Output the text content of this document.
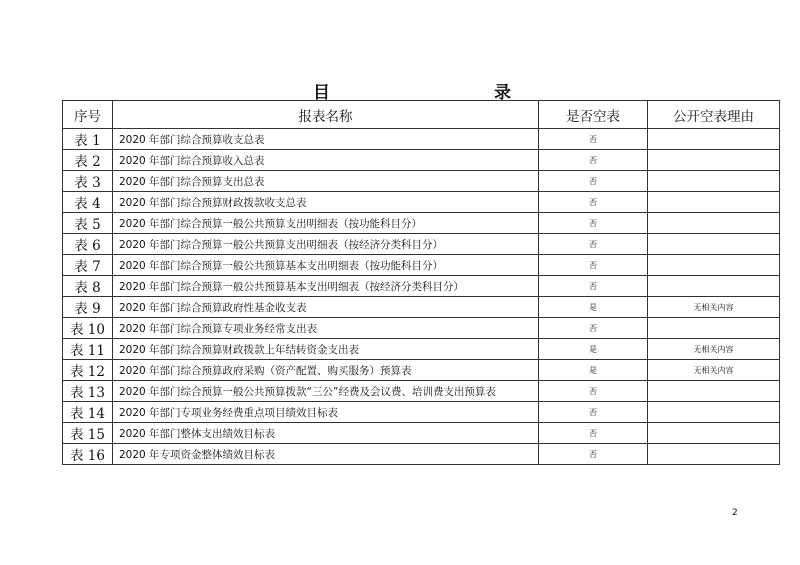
目	录
序号	报表名称	是否空表	公开空表理由
表 1	2020 年部门综合预算收支总表	否	
表 2	2020 年部门综合预算收入总表	否	
表 3	2020 年部门综合预算支出总表	否	
表 4	2020 年部门综合预算财政拨款收支总表	否	
表 5	2020 年部门综合预算一般公共预算支出明细表（按功能科目分）	否	
表 6	2020 年部门综合预算一般公共预算支出明细表（按经济分类科目分）	否	
表 7	2020 年部门综合预算一般公共预算基本支出明细表（按功能科目分）	否	
表 8	2020 年部门综合预算一般公共预算基本支出明细表（按经济分类科目分）	否	
表 9	2020 年部门综合预算政府性基金收支表	是	无相关内容
表 10	2020 年部门综合预算专项业务经常支出表	否	
表 11	2020 年部门综合预算财政拨款上年结转资金支出表	是	无相关内容
表 12	2020 年部门综合预算政府采购（资产配置、购买服务）预算表	是	无相关内容
表 13	2020 年部门综合预算一般公共预算拨款“三公”经费及会议费、培训费支出预算表	否	
表 14	2020 年部门专项业务经费重点项目绩效目标表	否	
表 15	2020 年部门整体支出绩效目标表	否	
表 16	2020 年专项资金整体绩效目标表	否	
2
